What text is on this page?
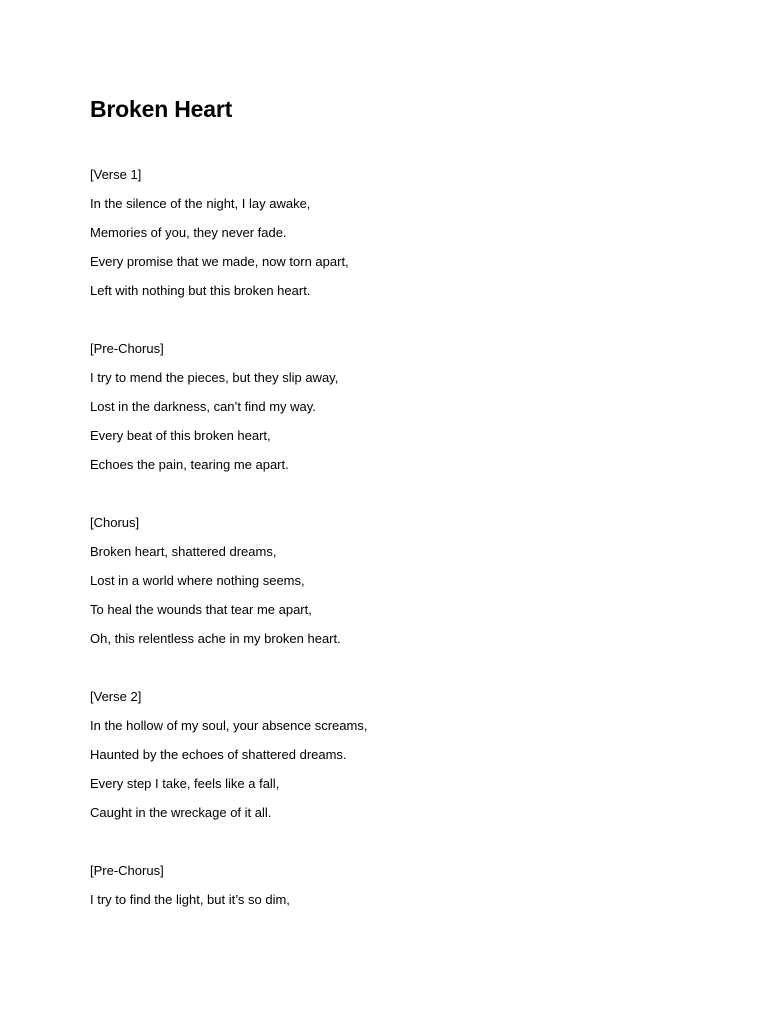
Broken Heart
[Verse 1]
In the silence of the night, I lay awake,
Memories of you, they never fade.
Every promise that we made, now torn apart,
Left with nothing but this broken heart.
[Pre-Chorus]
I try to mend the pieces, but they slip away,
Lost in the darkness, can’t find my way.
Every beat of this broken heart,
Echoes the pain, tearing me apart.
[Chorus]
Broken heart, shattered dreams,
Lost in a world where nothing seems,
To heal the wounds that tear me apart,
Oh, this relentless ache in my broken heart.
[Verse 2]
In the hollow of my soul, your absence screams,
Haunted by the echoes of shattered dreams.
Every step I take, feels like a fall,
Caught in the wreckage of it all.
[Pre-Chorus]
I try to find the light, but it’s so dim,
